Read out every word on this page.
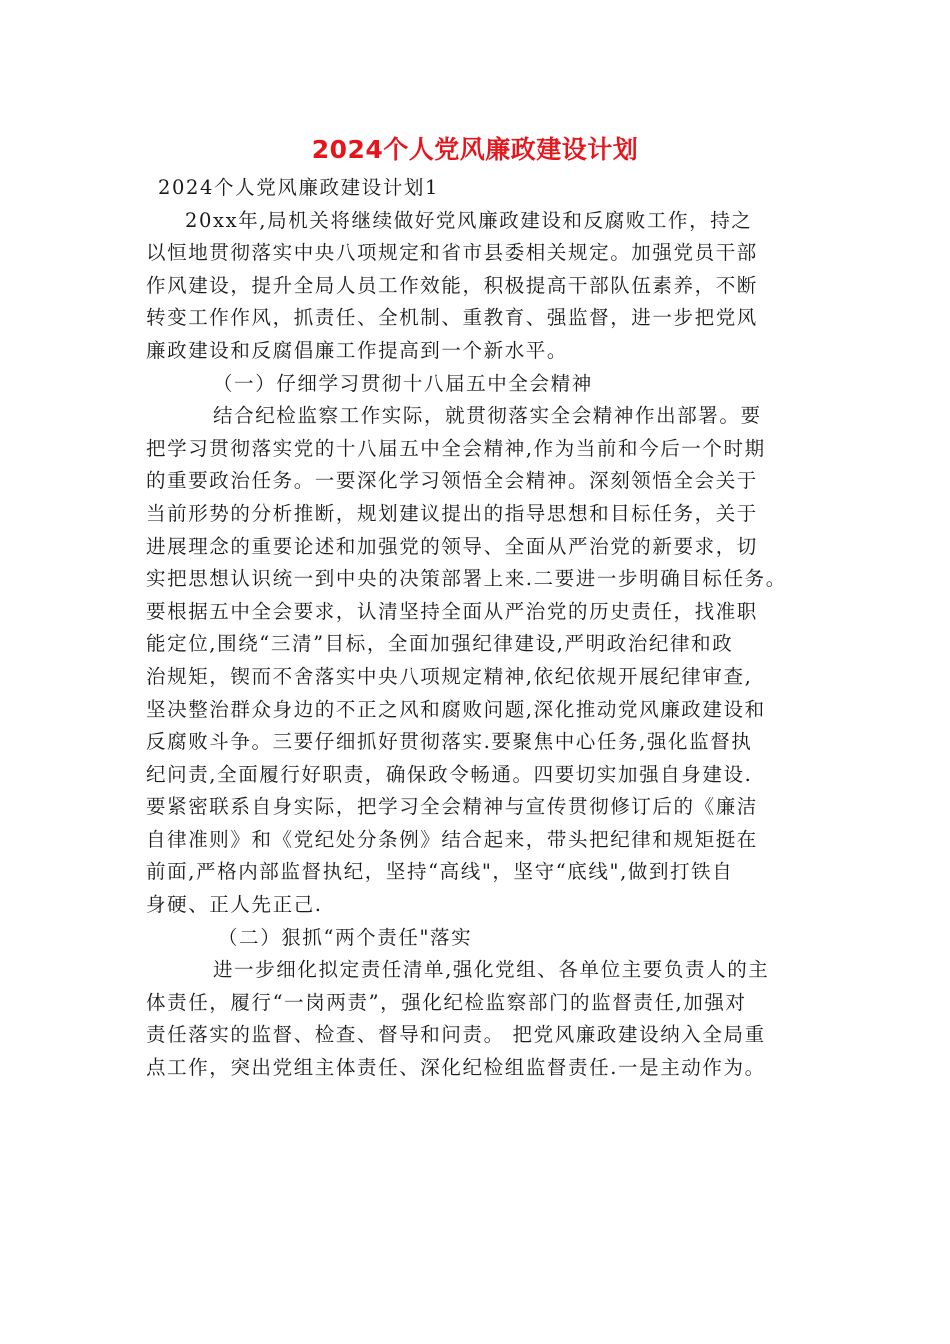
2024个人党风廉政建设计划

2024个人党风廉政建设计划1

20xx年,局机关将继续做好党风廉政建设和反腐败工作，持之
以恒地贯彻落实中央八项规定和省市县委相关规定。加强党员干部
作风建设，提升全局人员工作效能，积极提高干部队伍素养，不断
转变工作作风，抓责任、全机制、重教育、强监督，进一步把党风
廉政建设和反腐倡廉工作提高到一个新水平。

（一）仔细学习贯彻十八届五中全会精神

结合纪检监察工作实际，就贯彻落实全会精神作出部署。要
把学习贯彻落实党的十八届五中全会精神,作为当前和今后一个时期
的重要政治任务。一要深化学习领悟全会精神。深刻领悟全会关于
当前形势的分析推断，规划建议提出的指导思想和目标任务，关于
进展理念的重要论述和加强党的领导、全面从严治党的新要求，切
实把思想认识统一到中央的决策部署上来.二要进一步明确目标任务。
要根据五中全会要求，认清坚持全面从严治党的历史责任，找准职
能定位,围绕“三清”目标，全面加强纪律建设,严明政治纪律和政
治规矩，锲而不舍落实中央八项规定精神,依纪依规开展纪律审查,
坚决整治群众身边的不正之风和腐败问题,深化推动党风廉政建设和
反腐败斗争。三要仔细抓好贯彻落实.要聚焦中心任务,强化监督执
纪问责,全面履行好职责，确保政令畅通。四要切实加强自身建设.
要紧密联系自身实际，把学习全会精神与宣传贯彻修订后的《廉洁
自律准则》和《党纪处分条例》结合起来，带头把纪律和规矩挺在
前面,严格内部监督执纪，坚持“高线"，坚守“底线",做到打铁自
身硬、正人先正己.

（二）狠抓“两个责任"落实

进一步细化拟定责任清单,强化党组、各单位主要负责人的主
体责任，履行“一岗两责”，强化纪检监察部门的监督责任,加强对
责任落实的监督、检查、督导和问责。 把党风廉政建设纳入全局重
点工作，突出党组主体责任、深化纪检组监督责任.一是主动作为。
